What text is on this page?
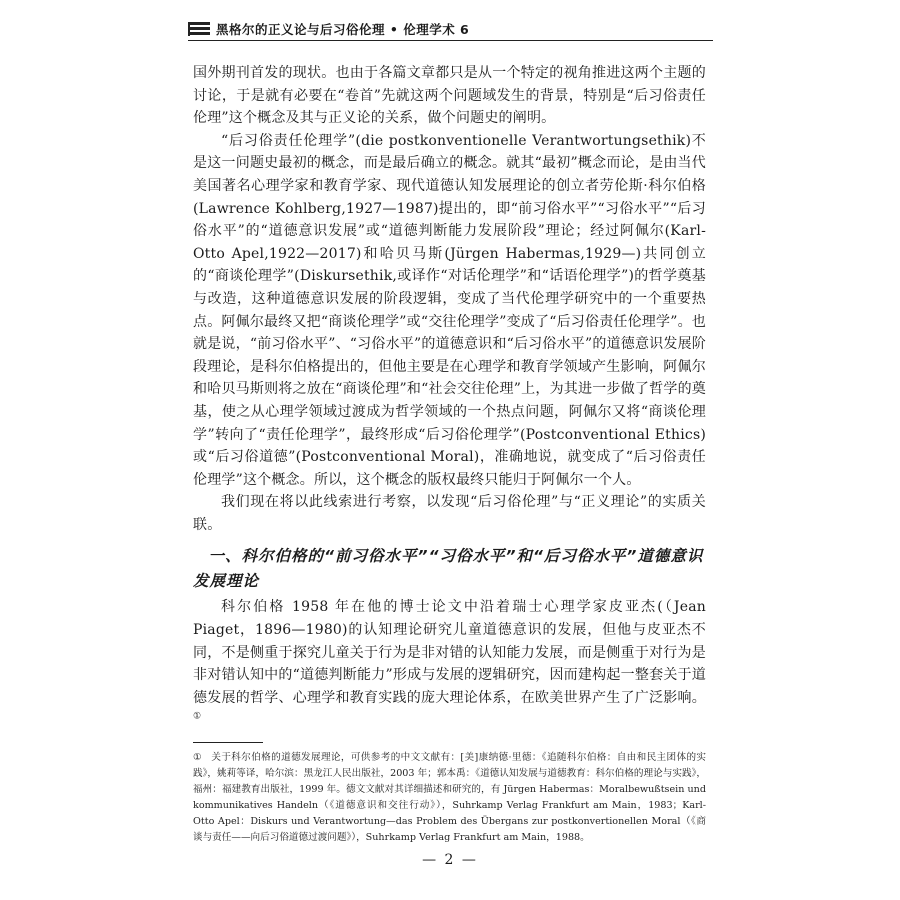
黑格尔的正义论与后习俗伦理 • 伦理学术 6

国外期刊首发的现状。也由于各篇文章都只是从一个特定的视角推进这两个主题的讨论，于是就有必要在“卷首”先就这两个问题域发生的背景，特别是“后习俗责任伦理”这个概念及其与正义论的关系，做个问题史的阐明。

“后习俗责任伦理学”(die postkonventionelle Verantwortungsethik)不是这一问题史最初的概念，而是最后确立的概念。就其“最初”概念而论，是由当代美国著名心理学家和教育学家、现代道德认知发展理论的创立者劳伦斯·科尔伯格(Lawrence Kohlberg,1927—1987)提出的，即“前习俗水平”“习俗水平”“后习俗水平”的“道德意识发展”或“道德判断能力发展阶段”理论；经过阿佩尔(Karl-Otto Apel,1922—2017)和哈贝马斯(Jürgen Habermas,1929—)共同创立的“商谈伦理学”(Diskursethik,或译作“对话伦理学”和“话语伦理学”)的哲学奠基与改造，这种道德意识发展的阶段逻辑，变成了当代伦理学研究中的一个重要热点。阿佩尔最终又把“商谈伦理学”或“交往伦理学”变成了“后习俗责任伦理学”。也就是说，“前习俗水平”、“习俗水平”的道德意识和“后习俗水平”的道德意识发展阶段理论，是科尔伯格提出的，但他主要是在心理学和教育学领域产生影响，阿佩尔和哈贝马斯则将之放在“商谈伦理”和“社会交往伦理”上，为其进一步做了哲学的奠基，使之从心理学领域过渡成为哲学领域的一个热点问题，阿佩尔又将“商谈伦理学”转向了“责任伦理学”，最终形成“后习俗伦理学”(Postconventional Ethics)或“后习俗道德”(Postconventional Moral)，准确地说，就变成了“后习俗责任伦理学”这个概念。所以，这个概念的版权最终只能归于阿佩尔一个人。

我们现在将以此线索进行考察，以发现“后习俗伦理”与“正义理论”的实质关联。

一、科尔伯格的“前习俗水平”“习俗水平”和“后习俗水平”道德意识发展理论

科尔伯格 1958 年在他的博士论文中沿着瑞士心理学家皮亚杰(（Jean Piaget，1896—1980)的认知理论研究儿童道德意识的发展，但他与皮亚杰不同，不是侧重于探究儿童关于行为是非对错的认知能力发展，而是侧重于对行为是非对错认知中的“道德判断能力”形成与发展的逻辑研究，因而建构起一整套关于道德发展的哲学、心理学和教育实践的庞大理论体系，在欧美世界产生了广泛影响。①

① 关于科尔伯格的道德发展理论，可供参考的中文文献有：[美]康纳德·里德：《追随科尔伯格：自由和民主团体的实践》，姚莉等译，哈尔滨：黑龙江人民出版社，2003 年；郭本禹：《道德认知发展与道德教育：科尔伯格的理论与实践》，福州：福建教育出版社，1999 年。德文文献对其详细描述和研究的，有 Jürgen Habermas：Moralbewußtsein und kommunikatives Handeln（《道德意识和交往行动》），Suhrkamp Verlag Frankfurt am Main，1983；Karl-Otto Apel：Diskurs und Verantwortung—das Problem des Übergans zur postkonvertionellen Moral（《商谈与责任——向后习俗道德过渡问题》），Suhrkamp Verlag Frankfurt am Main，1988。
— 2 —
